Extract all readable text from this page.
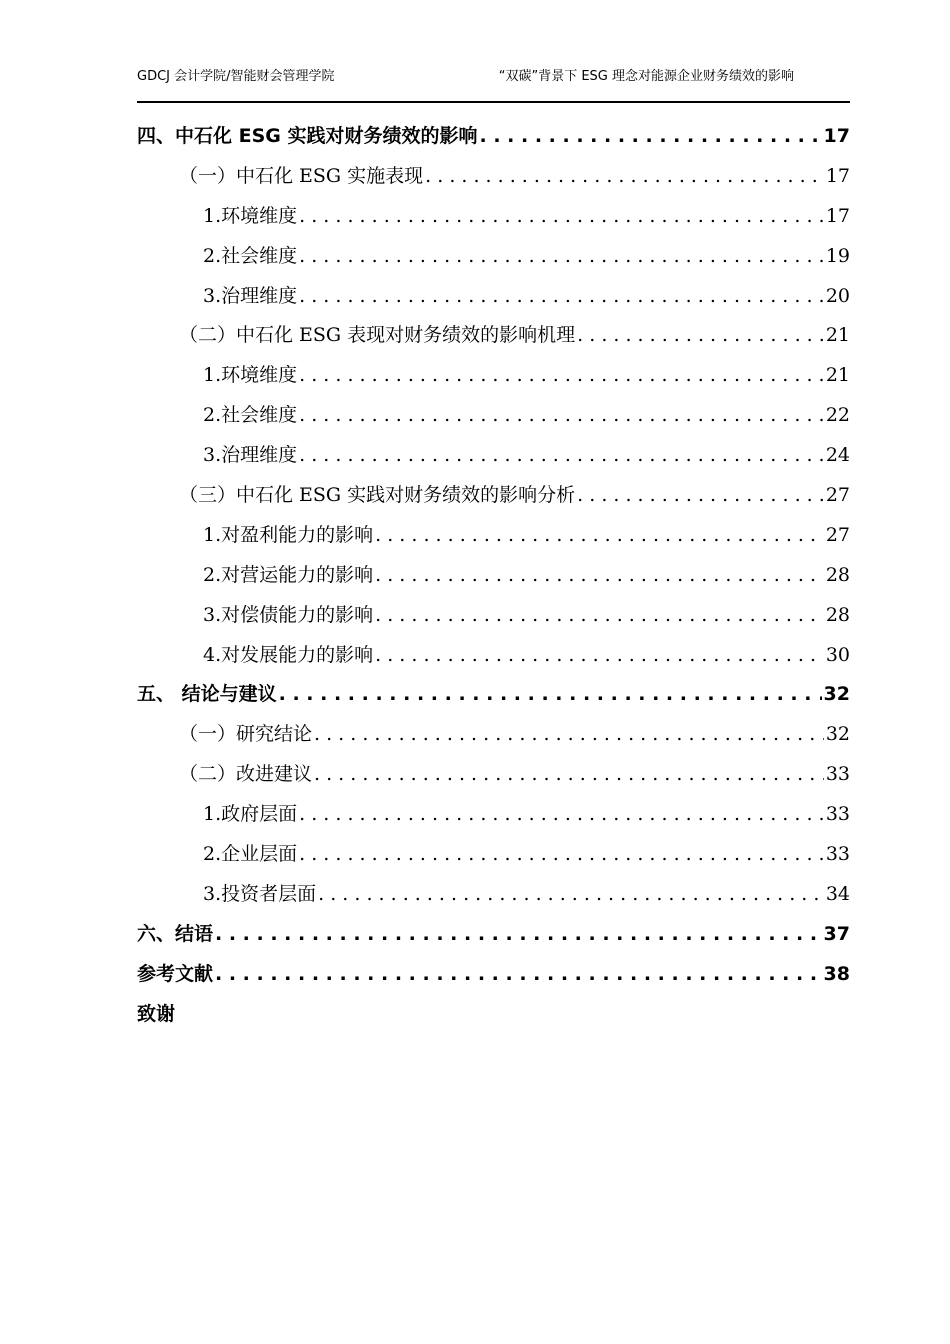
GDCJ 会计学院/智能财会管理学院	“双碳”背景下 ESG 理念对能源企业财务绩效的影响
四、中石化 ESG 实践对财务绩效的影响 . . .	17
（一）中石化 ESG 实施表现 . . .	17
1.环境维度 . . .	17
2.社会维度 . . .	19
3.治理维度 . . .	20
（二）中石化 ESG 表现对财务绩效的影响机理 . . .	21
1.环境维度 . . .	21
2.社会维度 . . .	22
3.治理维度 . . .	24
（三）中石化 ESG 实践对财务绩效的影响分析 . . .	27
1.对盈利能力的影响 . . .	27
2.对营运能力的影响 . . .	28
3.对偿债能力的影响 . . .	28
4.对发展能力的影响 . . .	30
五、 结论与建议 . . .	32
（一）研究结论 . . .	32
（二）改进建议 . . .	33
1.政府层面 . . .	33
2.企业层面 . . .	33
3.投资者层面 . . .	34
六、结语 . . .	37
参考文献 . . .	38
致谢
